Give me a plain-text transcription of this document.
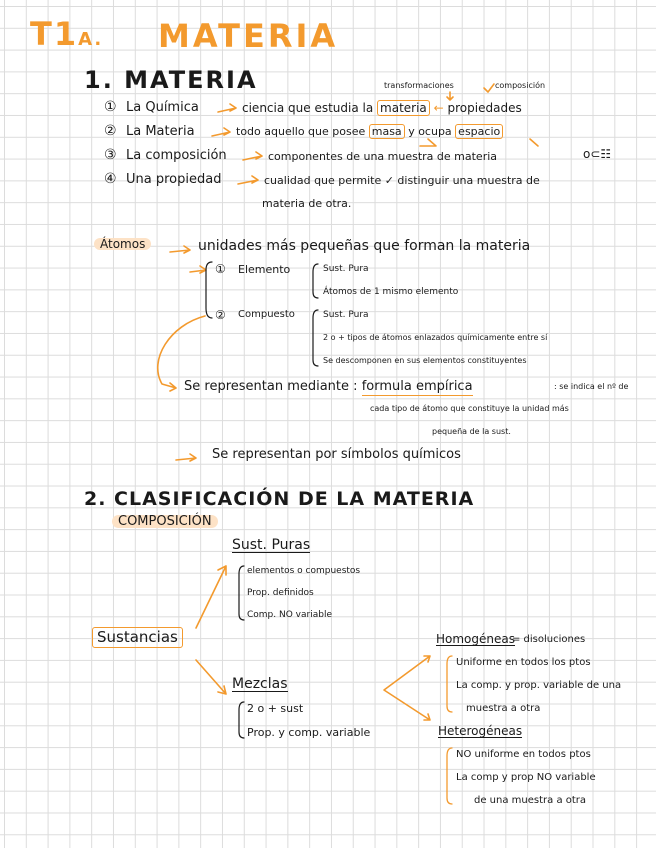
T1A. MATERIA
1. MATERIA	transformaciones	composición
① La Química	ciencia que estudia la materia ← propiedades
② La Materia	todo aquello que posee masa y ocupa espacio
③ La composición	componentes de una muestra de materia	o⊂☷
④ Una propiedad	cualidad que permite ✓ distinguir una muestra de
materia de otra.
Átomos	unidades más pequeñas que forman la materia
① Elemento	Sust. Pura
Átomos de 1 mismo elemento
② Compuesto	Sust. Pura
2 o + tipos de átomos enlazados químicamente entre sí
Se descomponen en sus elementos constituyentes
Se representan mediante : formula empírica	: se indica el nº de
cada tipo de átomo que constituye la unidad más
pequeña de la sust.
Se representan por símbolos químicos
2. CLASIFICACIÓN DE LA MATERIA
COMPOSICIÓN
Sustancias
Sust. Puras
elementos o compuestos
Prop. definidos
Comp. NO variable
Mezclas
2 o + sust
Prop. y comp. variable
Homogéneas
= disoluciones
Uniforme en todos los ptos
La comp. y prop. variable de una
muestra a otra
Heterogéneas
NO uniforme en todos ptos
La comp y prop NO variable
de una muestra a otra
